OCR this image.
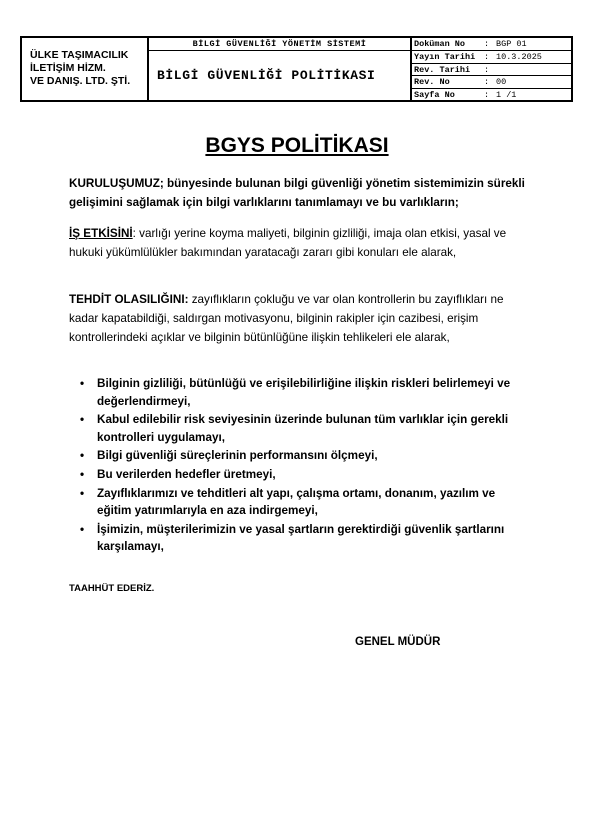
ÜLKE TAŞIMACILIK
İLETİŞİM HİZM.
VE DANIŞ. LTD. ŞTİ.
BİLGİ GÜVENLİĞİ YÖNETİM SİSTEMİ
BİLGİ GÜVENLİĞİ POLİTİKASI
Doküman No : BGP 01
Yayın Tarihi : 10.3.2025
Rev. Tarihi :
Rev. No	: 00
Sayfa No	: 1 /1
BGYS POLİTİKASI
KURULUŞUMUZ; bünyesinde bulunan bilgi güvenliği yönetim sistemimizin sürekli gelişimini sağlamak için bilgi varlıklarını tanımlamayı ve bu varlıkların;
İŞ ETKİSİNİ: varlığı yerine koyma maliyeti, bilginin gizliliği, imaja olan etkisi, yasal ve hukuki yükümlülükler bakımından yaratacağı zararı gibi konuları ele alarak,
TEHDİT OLASILIĞINI: zayıflıkların çokluğu ve var olan kontrollerin bu zayıflıkları ne kadar kapatabildiği, saldırgan motivasyonu, bilginin rakipler için cazibesi, erişim kontrollerindeki açıklar ve bilginin bütünlüğüne ilişkin tehlikeleri ele alarak,
• Bilginin gizliliği, bütünlüğü ve erişilebilirliğine ilişkin riskleri belirlemeyi ve değerlendirmeyi,
• Kabul edilebilir risk seviyesinin üzerinde bulunan tüm varlıklar için gerekli kontrolleri uygulamayı,
• Bilgi güvenliği süreçlerinin performansını ölçmeyi,
• Bu verilerden hedefler üretmeyi,
• Zayıflıklarımızı ve tehditleri alt yapı, çalışma ortamı, donanım, yazılım ve eğitim yatırımlarıyla en aza indirgemeyi,
• İşimizin, müşterilerimizin ve yasal şartların gerektirdiği güvenlik şartlarını karşılamayı,
TAAHHÜT EDERİZ.
GENEL MÜDÜR
